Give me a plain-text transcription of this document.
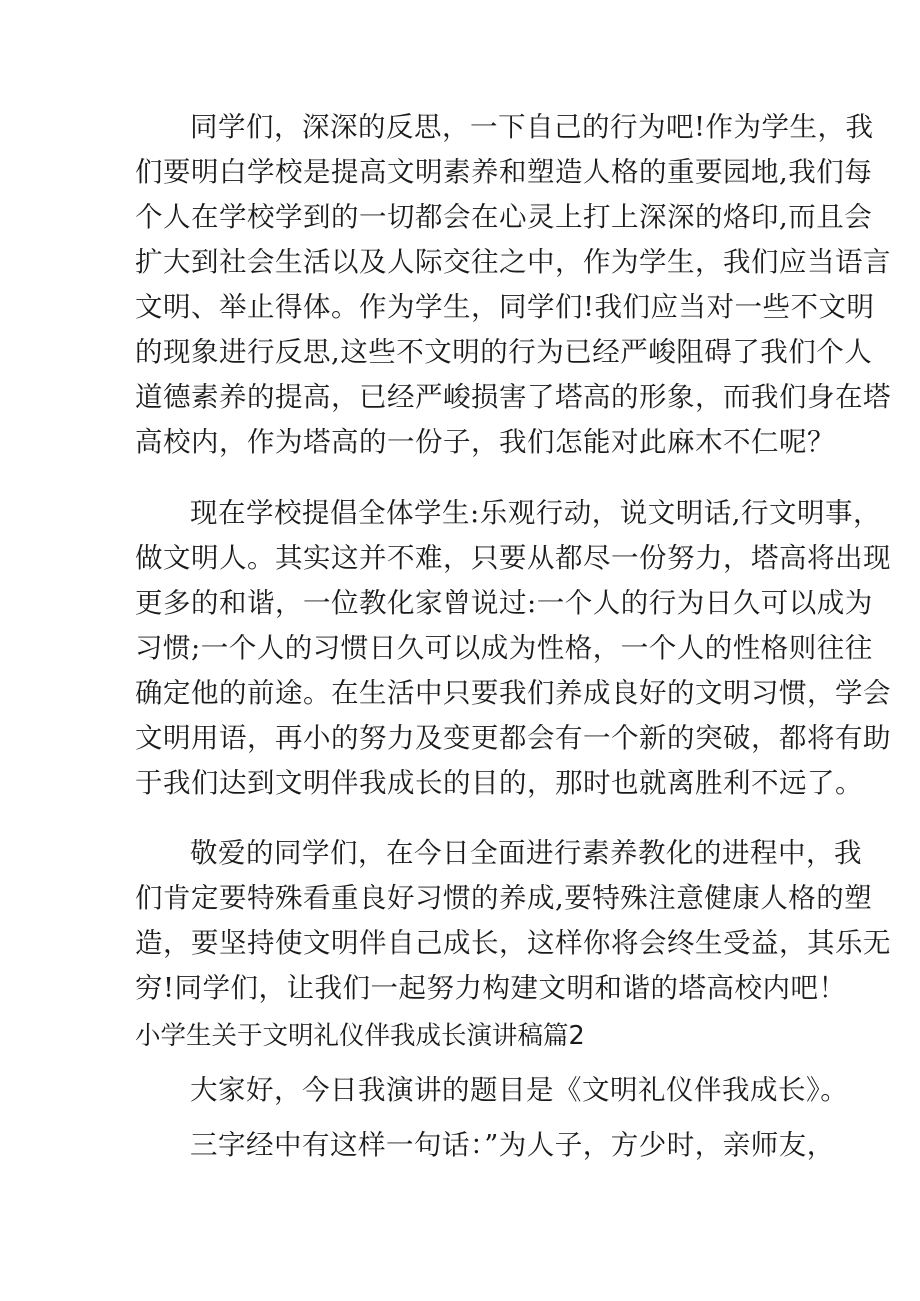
同学们，深深的反思，一下自己的行为吧!作为学生，我
们要明白学校是提高文明素养和塑造人格的重要园地,我们每
个人在学校学到的一切都会在心灵上打上深深的烙印,而且会
扩大到社会生活以及人际交往之中，作为学生，我们应当语言
文明、举止得体。作为学生，同学们!我们应当对一些不文明
的现象进行反思,这些不文明的行为已经严峻阻碍了我们个人
道德素养的提高，已经严峻损害了塔高的形象，而我们身在塔
高校内，作为塔高的一份子，我们怎能对此麻木不仁呢？
现在学校提倡全体学生:乐观行动，说文明话,行文明事，
做文明人。其实这并不难，只要从都尽一份努力，塔高将出现
更多的和谐，一位教化家曾说过:一个人的行为日久可以成为
习惯;一个人的习惯日久可以成为性格，一个人的性格则往往
确定他的前途。在生活中只要我们养成良好的文明习惯，学会
文明用语，再小的努力及变更都会有一个新的突破，都将有助
于我们达到文明伴我成长的目的，那时也就离胜利不远了。
敬爱的同学们，在今日全面进行素养教化的进程中，我
们肯定要特殊看重良好习惯的养成,要特殊注意健康人格的塑
造，要坚持使文明伴自己成长，这样你将会终生受益，其乐无
穷!同学们，让我们一起努力构建文明和谐的塔高校内吧！
小学生关于文明礼仪伴我成长演讲稿篇2
大家好，今日我演讲的题目是《文明礼仪伴我成长》。
三字经中有这样一句话：”为人子，方少时，亲师友，
